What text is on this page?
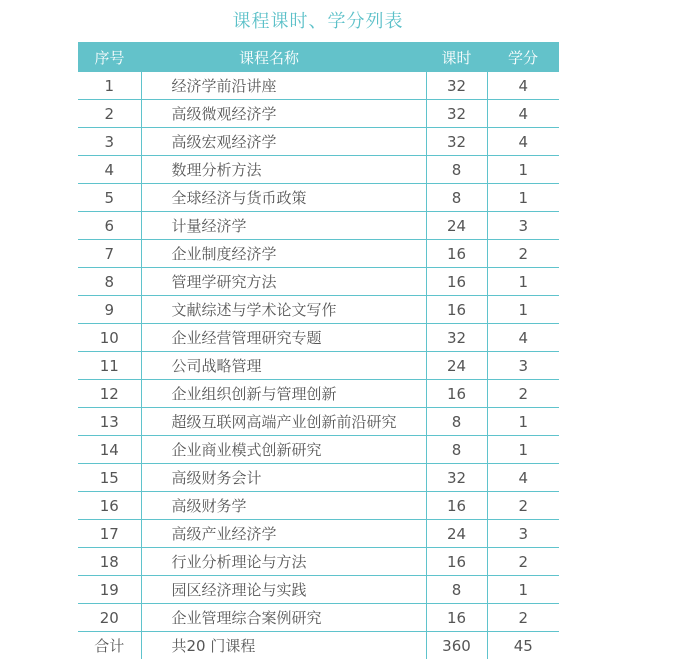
课程课时、学分列表
序号	课程名称	课时	学分
1	经济学前沿讲座	32	4
2	高级微观经济学	32	4
3	高级宏观经济学	32	4
4	数理分析方法	8	1
5	全球经济与货币政策	8	1
6	计量经济学	24	3
7	企业制度经济学	16	2
8	管理学研究方法	16	1
9	文献综述与学术论文写作	16	1
10	企业经营管理研究专题	32	4
11	公司战略管理	24	3
12	企业组织创新与管理创新	16	2
13	超级互联网高端产业创新前沿研究	8	1
14	企业商业模式创新研究	8	1
15	高级财务会计	32	4
16	高级财务学	16	2
17	高级产业经济学	24	3
18	行业分析理论与方法	16	2
19	园区经济理论与实践	8	1
20	企业管理综合案例研究	16	2
合计	共20 门课程	360	45
